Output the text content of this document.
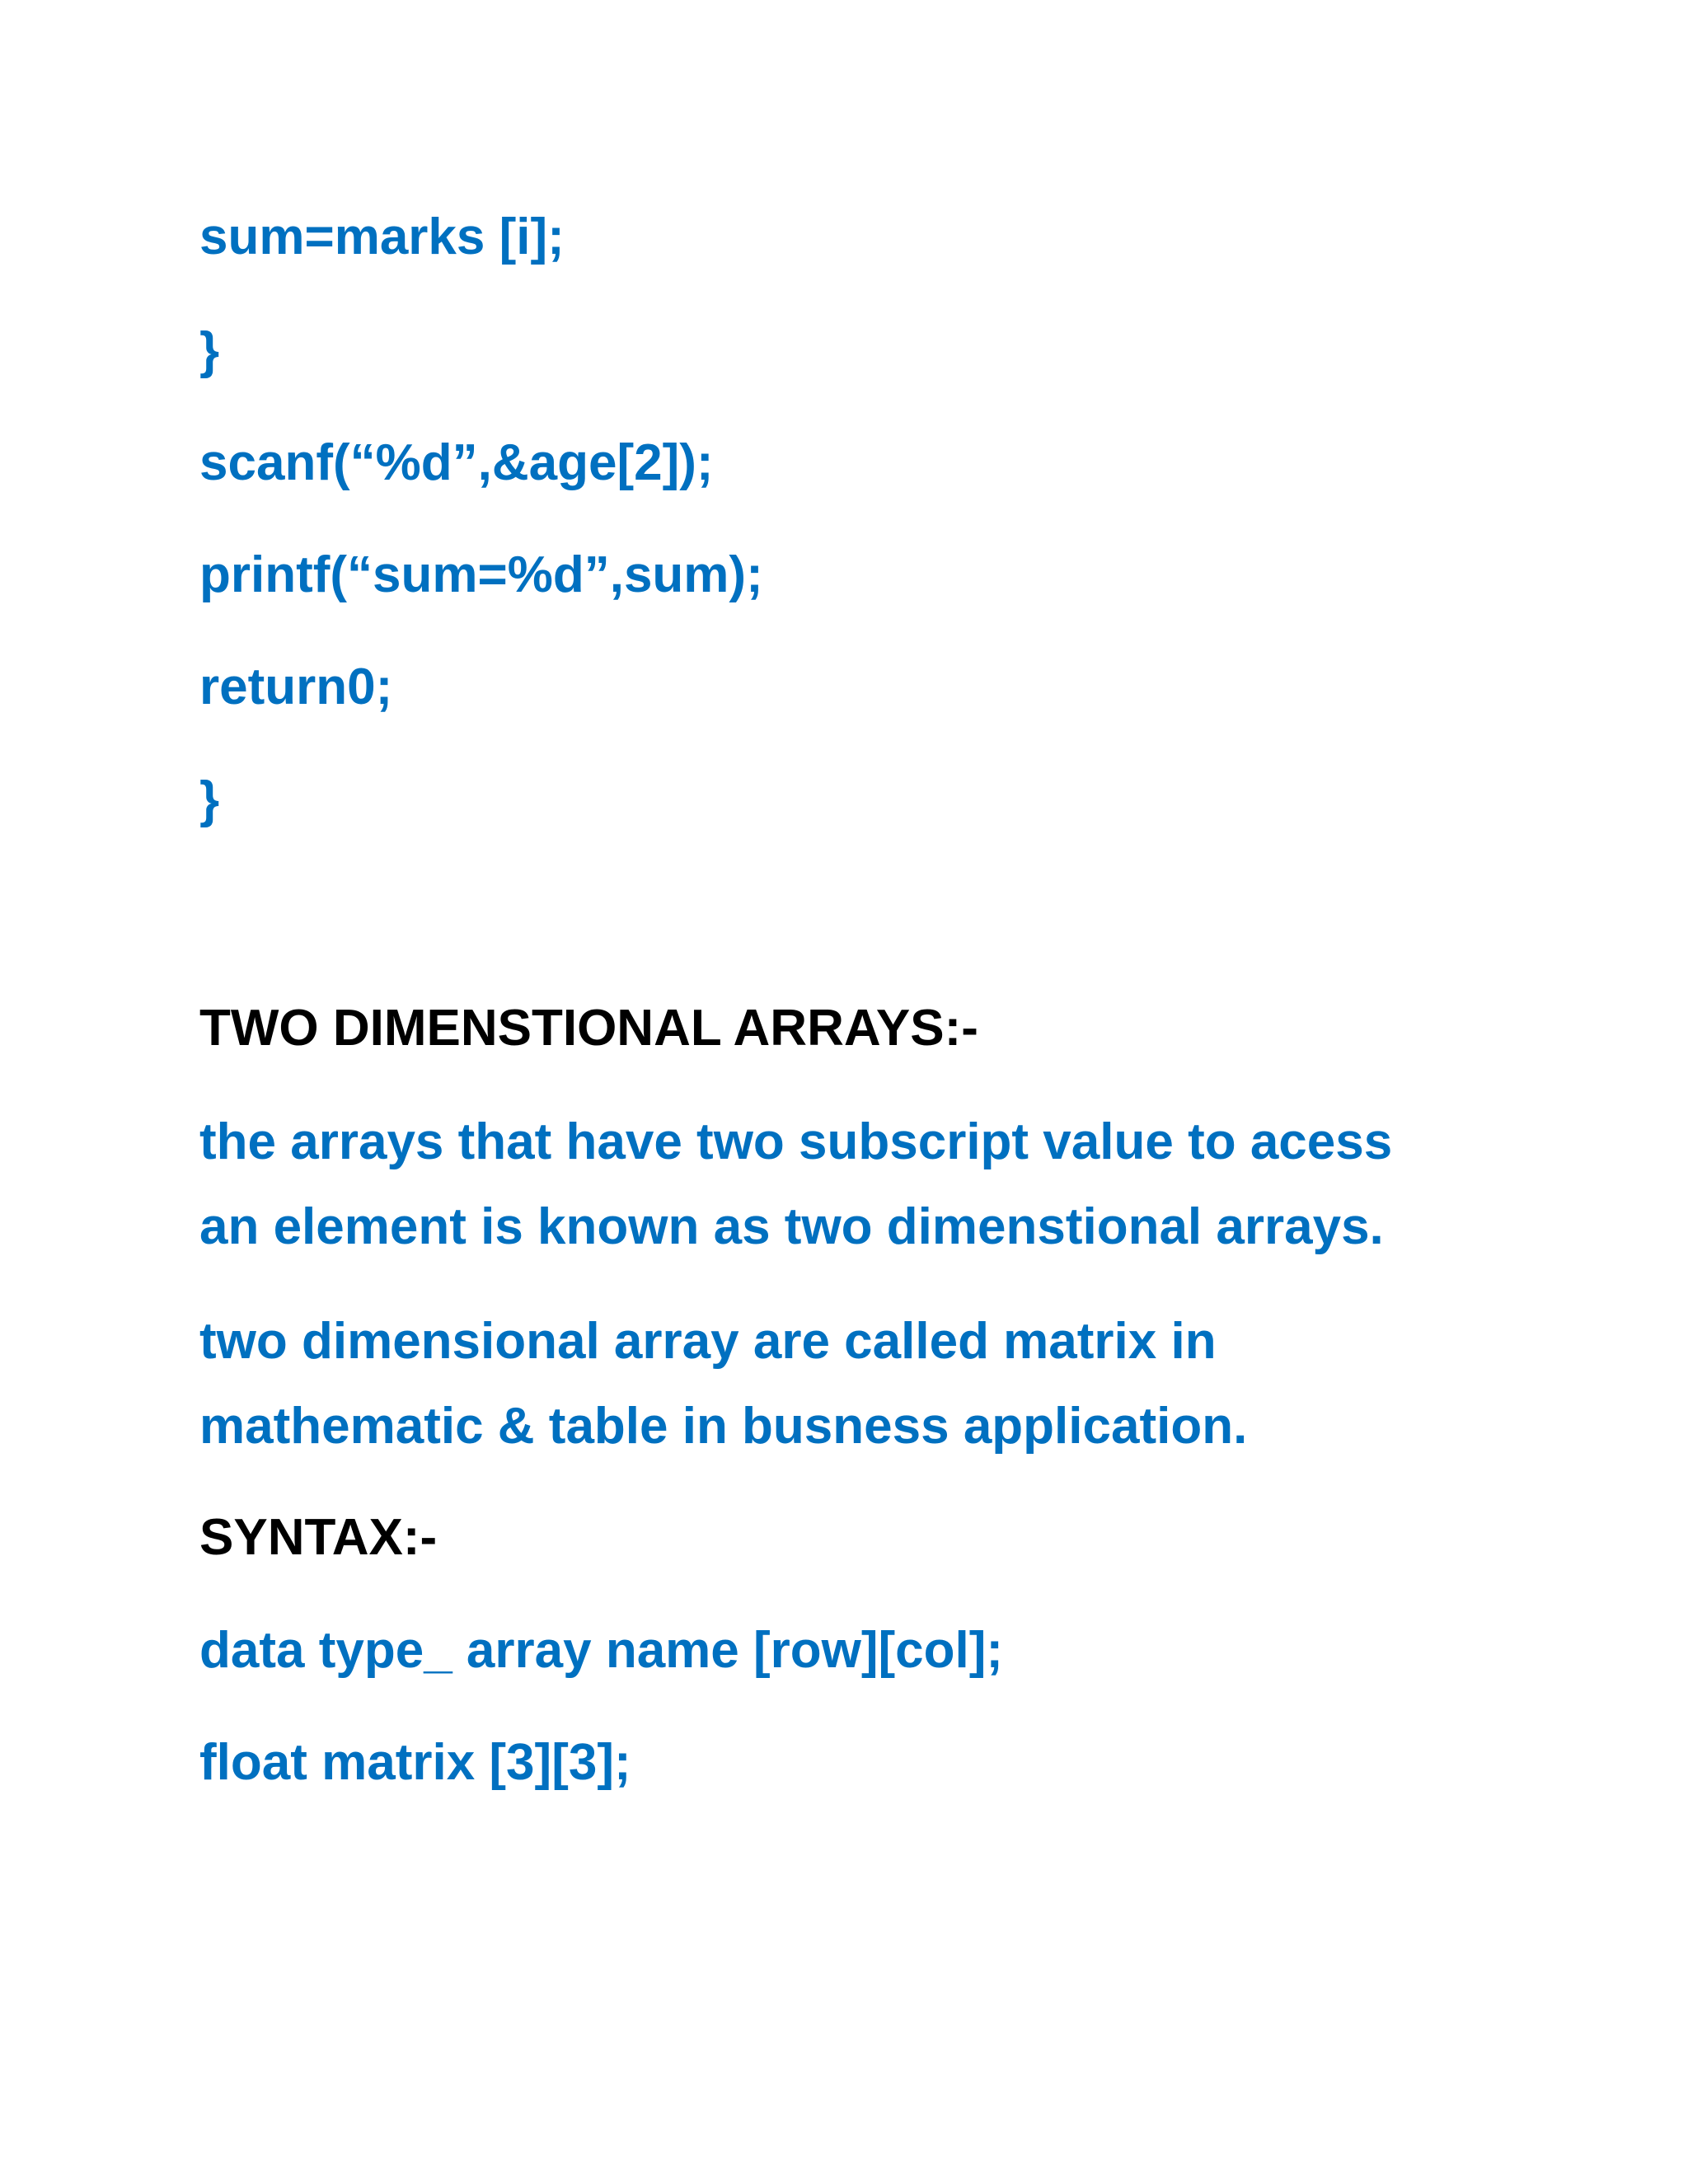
sum=marks [i];

}

scanf(“%d”,&age[2]);

printf(“sum=%d”,sum);

return0;

}

TWO DIMENSTIONAL ARRAYS:-

the arrays that have two subscript value to acess

an element is known as two dimenstional arrays.

two dimensional array are called matrix in

mathematic & table in busness application.

SYNTAX:-

data type_ array name [row][col];

float matrix [3][3];
